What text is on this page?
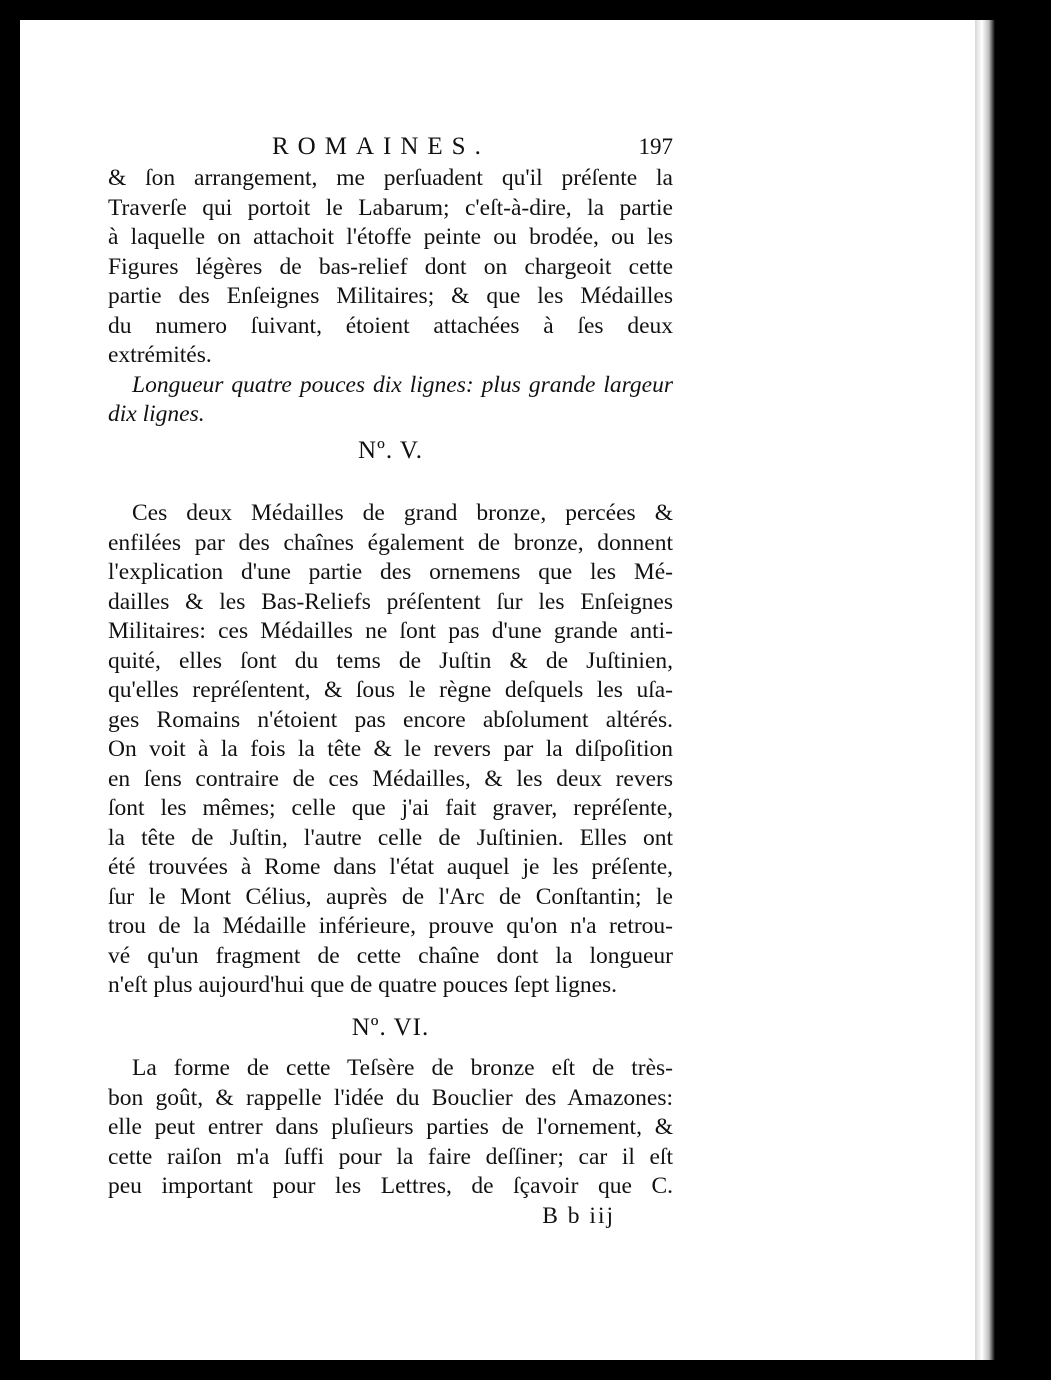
ROMAINES.	197
& ſon arrangement, me perſuadent qu'il préſente la
Traverſe qui portoit le Labarum; c'eſt-à-dire, la partie
à laquelle on attachoit l'étoffe peinte ou brodée, ou les
Figures légères de bas-relief dont on chargeoit cette
partie des Enſeignes Militaires; & que les Médailles
du numero ſuivant, étoient attachées à ſes deux
extrémités.
Longueur quatre pouces dix lignes: plus grande largeur
dix lignes.
Nº. V.
Ces deux Médailles de grand bronze, percées &
enfilées par des chaînes également de bronze, donnent
l'explication d'une partie des ornemens que les Mé-
dailles & les Bas-Reliefs préſentent ſur les Enſeignes
Militaires: ces Médailles ne ſont pas d'une grande anti-
quité, elles ſont du tems de Juſtin & de Juſtinien,
qu'elles repréſentent, & ſous le règne deſquels les uſa-
ges Romains n'étoient pas encore abſolument altérés.
On voit à la fois la tête & le revers par la diſpoſition
en ſens contraire de ces Médailles, & les deux revers
ſont les mêmes; celle que j'ai fait graver, repréſente,
la tête de Juſtin, l'autre celle de Juſtinien. Elles ont
été trouvées à Rome dans l'état auquel je les préſente,
ſur le Mont Célius, auprès de l'Arc de Conſtantin; le
trou de la Médaille inférieure, prouve qu'on n'a retrou-
vé qu'un fragment de cette chaîne dont la longueur
n'eſt plus aujourd'hui que de quatre pouces ſept lignes.
Nº. VI.
La forme de cette Teſsère de bronze eſt de très-
bon goût, & rappelle l'idée du Bouclier des Amazones:
elle peut entrer dans pluſieurs parties de l'ornement, &
cette raiſon m'a ſuffi pour la faire deſſiner; car il eſt
peu important pour les Lettres, de ſçavoir que C.
B b iij
